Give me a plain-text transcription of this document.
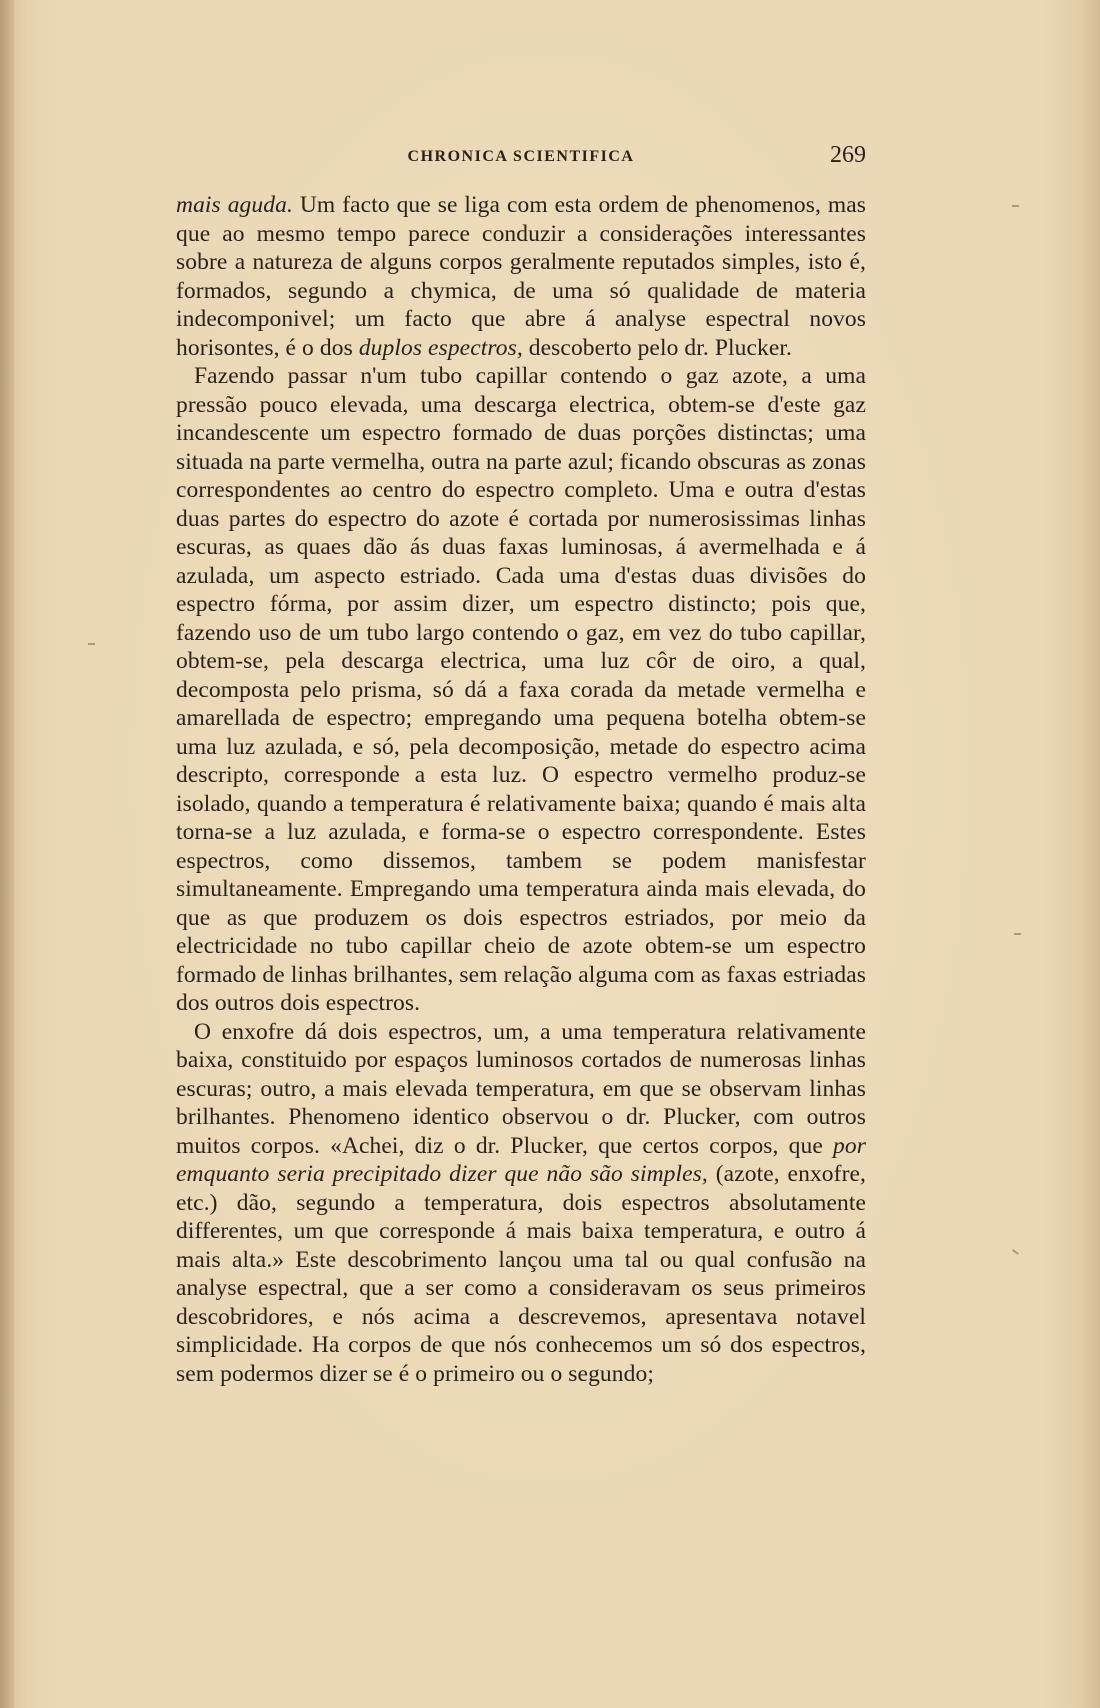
CHRONICA SCIENTIFICA	269

mais aguda. Um facto que se liga com esta ordem de phenomenos, mas que ao mesmo tempo parece conduzir a considerações interessantes sobre a natureza de alguns corpos geralmente reputados simples, isto é, formados, segundo a chymica, de uma só qualidade de materia indecomponivel; um facto que abre á analyse espectral novos horisontes, é o dos duplos espectros, descoberto pelo dr. Plucker.

Fazendo passar n'um tubo capillar contendo o gaz azote, a uma pressão pouco elevada, uma descarga electrica, obtem-se d'este gaz incandescente um espectro formado de duas porções distinctas; uma situada na parte vermelha, outra na parte azul; ficando obscuras as zonas correspondentes ao centro do espectro completo. Uma e outra d'estas duas partes do espectro do azote é cortada por numerosissimas linhas escuras, as quaes dão ás duas faxas luminosas, á avermelhada e á azulada, um aspecto estriado. Cada uma d'estas duas divisões do espectro fórma, por assim dizer, um espectro distincto; pois que, fazendo uso de um tubo largo contendo o gaz, em vez do tubo capillar, obtem-se, pela descarga electrica, uma luz côr de oiro, a qual, decomposta pelo prisma, só dá a faxa corada da metade vermelha e amarellada de espectro; empregando uma pequena botelha obtem-se uma luz azulada, e só, pela decomposição, metade do espectro acima descripto, corresponde a esta luz. O espectro vermelho produz-se isolado, quando a temperatura é relativamente baixa; quando é mais alta torna-se a luz azulada, e forma-se o espectro correspondente. Estes espectros, como dissemos, tambem se podem manisfestar simultaneamente. Empregando uma temperatura ainda mais elevada, do que as que produzem os dois espectros estriados, por meio da electricidade no tubo capillar cheio de azote obtem-se um espectro formado de linhas brilhantes, sem relação alguma com as faxas estriadas dos outros dois espectros.

O enxofre dá dois espectros, um, a uma temperatura relativamente baixa, constituido por espaços luminosos cortados de numerosas linhas escuras; outro, a mais elevada temperatura, em que se observam linhas brilhantes. Phenomeno identico observou o dr. Plucker, com outros muitos corpos. «Achei, diz o dr. Plucker, que certos corpos, que por emquanto seria precipitado dizer que não são simples, (azote, enxofre, etc.) dão, segundo a temperatura, dois espectros absolutamente differentes, um que corresponde á mais baixa temperatura, e outro á mais alta.» Este descobrimento lançou uma tal ou qual confusão na analyse espectral, que a ser como a consideravam os seus primeiros descobridores, e nós acima a descrevemos, apresentava notavel simplicidade. Ha corpos de que nós conhecemos um só dos espectros, sem podermos dizer se é o primeiro ou o segundo;
